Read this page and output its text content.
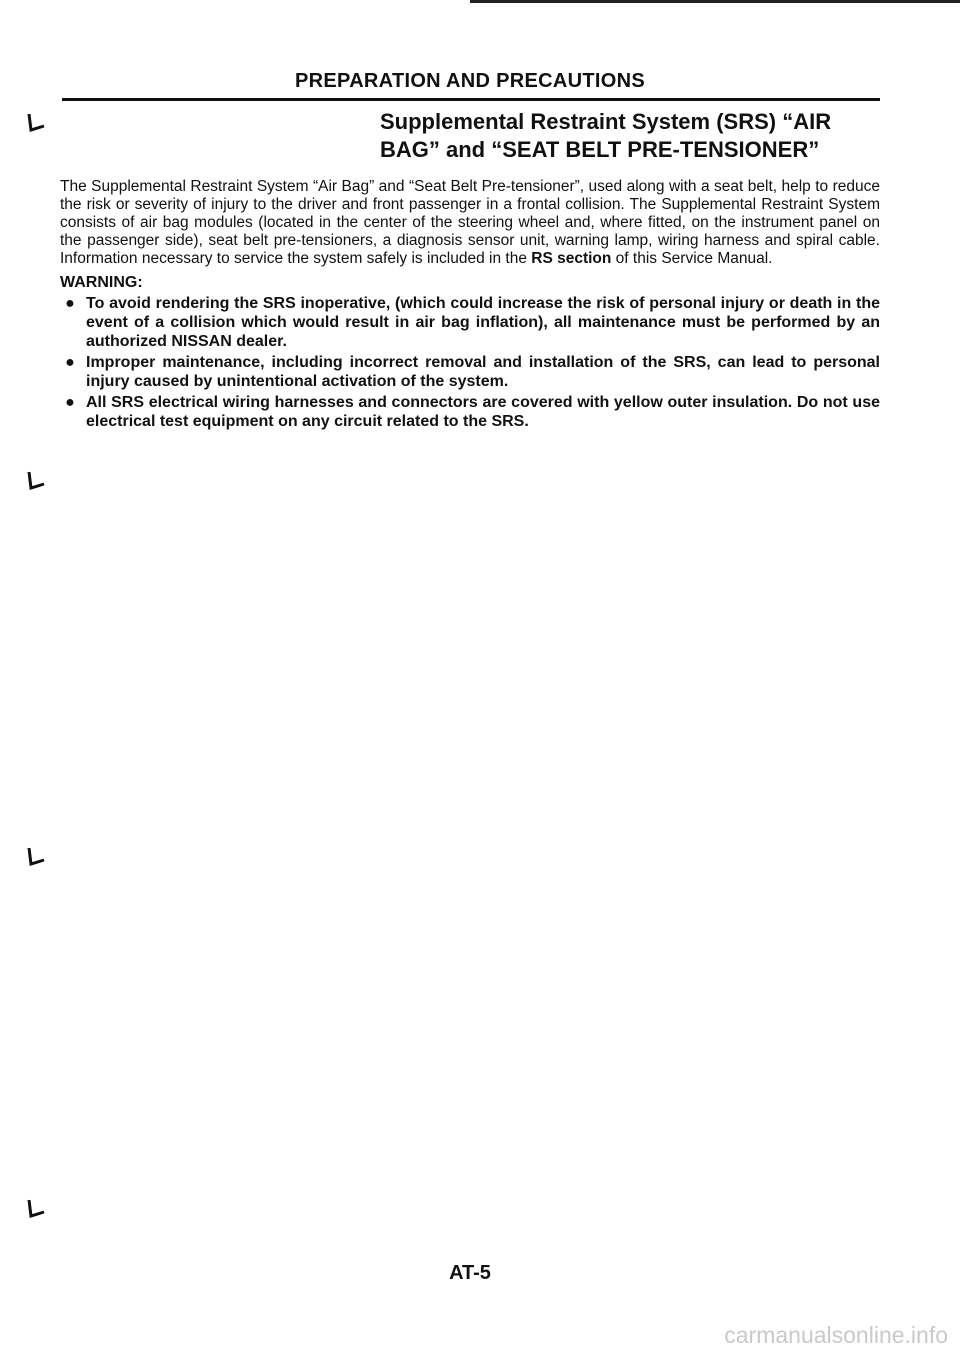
PREPARATION AND PRECAUTIONS
Supplemental Restraint System (SRS) “AIR
BAG” and “SEAT BELT PRE-TENSIONER”

The Supplemental Restraint System “Air Bag” and “Seat Belt Pre-tensioner”, used along with a seat belt, help to reduce the risk or severity of injury to the driver and front passenger in a frontal collision. The Supplemental Restraint System consists of air bag modules (located in the center of the steering wheel and, where fitted, on the instrument panel on the passenger side), seat belt pre-tensioners, a diagnosis sensor unit, warning lamp, wiring harness and spiral cable. Information necessary to service the system safely is included in the RS section of this Service Manual.

WARNING:
● To avoid rendering the SRS inoperative, (which could increase the risk of personal injury or death in the event of a collision which would result in air bag inflation), all maintenance must be performed by an authorized NISSAN dealer.
● Improper maintenance, including incorrect removal and installation of the SRS, can lead to personal injury caused by unintentional activation of the system.
● All SRS electrical wiring harnesses and connectors are covered with yellow outer insulation. Do not use electrical test equipment on any circuit related to the SRS.
AT-5
carmanualsonline.info
